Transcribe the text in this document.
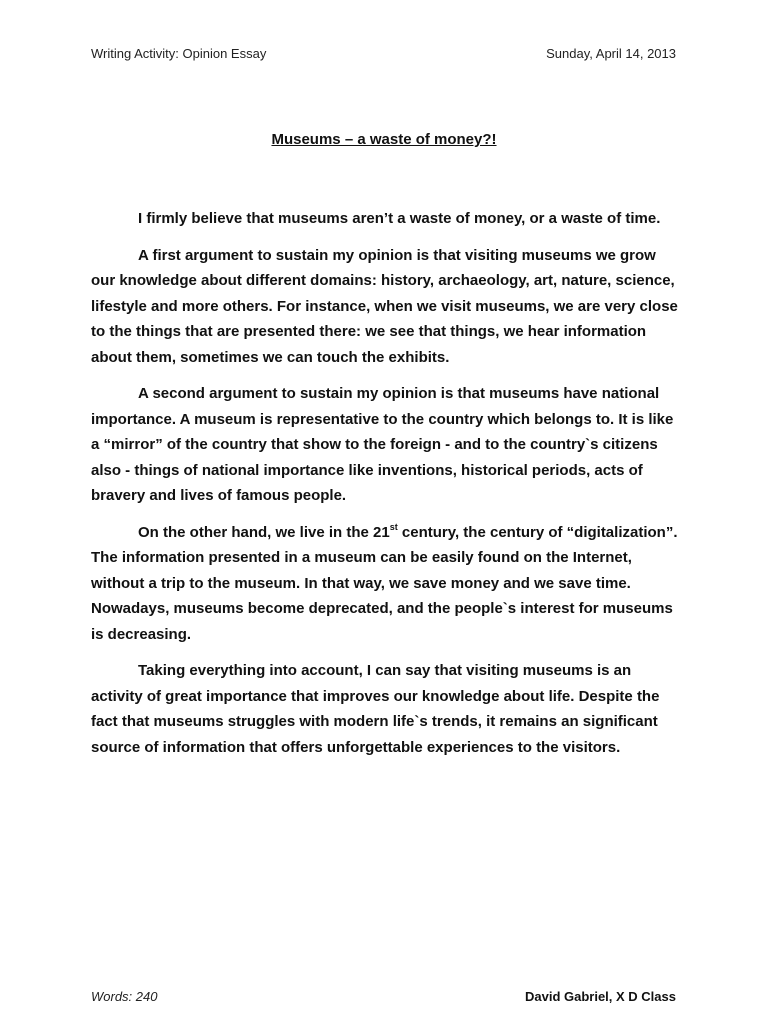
Writing Activity: Opinion Essay	Sunday, April 14, 2013
Museums – a waste of money?!

I firmly believe that museums aren’t a waste of money, or a waste of time.

A first argument to sustain my opinion is that visiting museums we grow our knowledge about different domains: history, archaeology, art, nature, science, lifestyle and more others. For instance, when we visit museums, we are very close to the things that are presented there: we see that things, we hear information about them, sometimes we can touch the exhibits.

A second argument to sustain my opinion is that museums have national importance. A museum is representative to the country which belongs to. It is like a “mirror” of the country that show to the foreign - and to the country`s citizens also - things of national importance like inventions, historical periods, acts of bravery and lives of famous people.

On the other hand, we live in the 21st century, the century of “digitalization”. The information presented in a museum can be easily found on the Internet, without a trip to the museum. In that way, we save money and we save time. Nowadays, museums become deprecated, and the people`s interest for museums is decreasing.

Taking everything into account, I can say that visiting museums is an activity of great importance that improves our knowledge about life. Despite the fact that museums struggles with modern life`s trends, it remains an significant source of information that offers unforgettable experiences to the visitors.

Words: 240	David Gabriel, X D Class
